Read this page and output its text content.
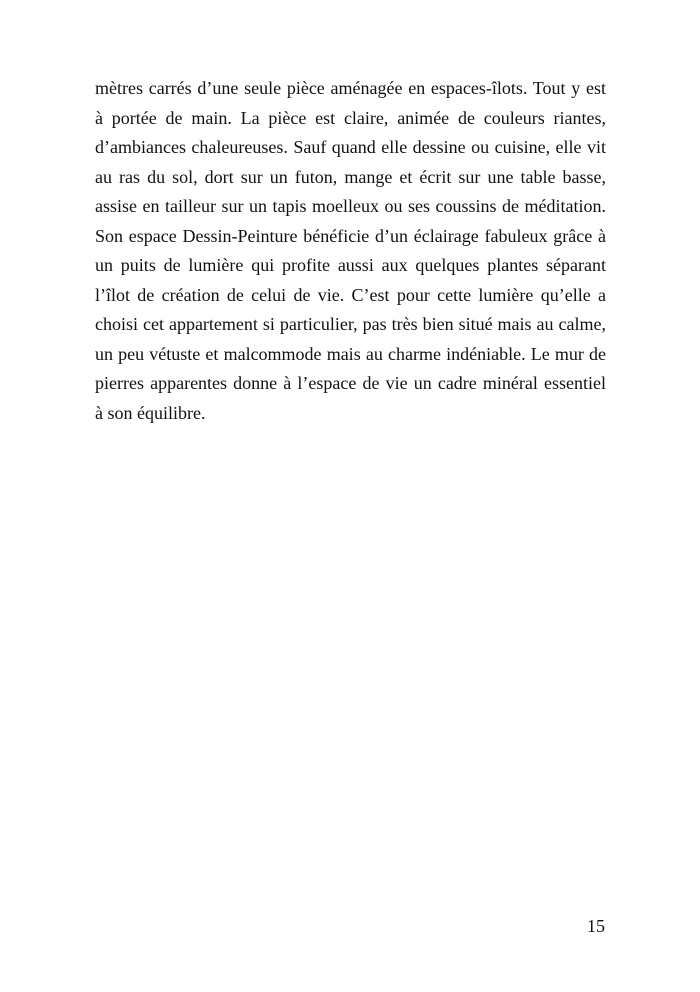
mètres carrés d’une seule pièce aménagée en espaces-îlots. Tout y est
à portée de main. La pièce est claire, animée de couleurs riantes,
d’ambiances chaleureuses. Sauf quand elle dessine ou cuisine, elle vit
au ras du sol, dort sur un futon, mange et écrit sur une table basse,
assise en tailleur sur un tapis moelleux ou ses coussins de méditation.
Son espace Dessin-Peinture bénéficie d’un éclairage fabuleux grâce à
un puits de lumière qui profite aussi aux quelques plantes séparant
l’îlot de création de celui de vie. C’est pour cette lumière qu’elle a
choisi cet appartement si particulier, pas très bien situé mais au calme,
un peu vétuste et malcommode mais au charme indéniable. Le mur de
pierres apparentes donne à l’espace de vie un cadre minéral essentiel
à son équilibre.
15
